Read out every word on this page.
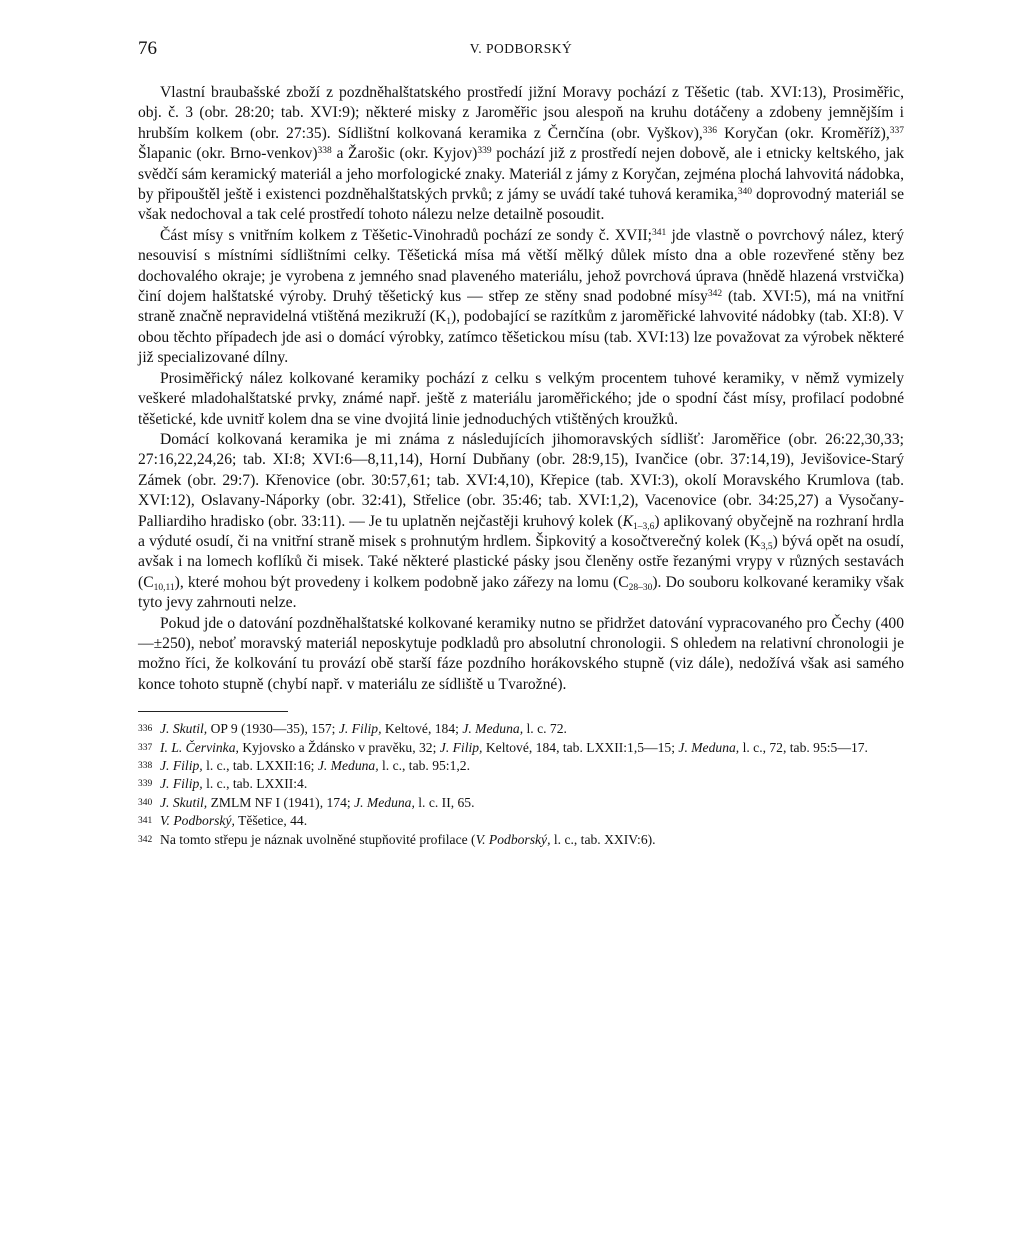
76	V. PODBORSKÝ

Vlastní braubašské zboží z pozdněhalštatského prostředí jižní Moravy pochází z Těšetic (tab. XVI:13), Prosiměřic, obj. č. 3 (obr. 28:20; tab. XVI:9); některé misky z Jaroměřic jsou alespoň na kruhu dotáčeny a zdobeny jemnějším i hrubším kolkem (obr. 27:35). Sídlištní kolkovaná keramika z Černčína (obr. Vyškov),$^{336}$ Koryčan (okr. Kroměříž),$^{337}$ Šlapanic (okr. Brno-venkov)$^{338}$ a Žarošic (okr. Kyjov)$^{339}$ pochází již z prostředí nejen dobově, ale i etnicky keltského, jak svědčí sám keramický materiál a jeho morfologické znaky. Materiál z jámy z Koryčan, zejména plochá lahvovitá nádobka, by připouštěl ještě i existenci pozdněhalštatských prvků; z jámy se uvádí také tuhová keramika,$^{340}$ doprovodný materiál se však nedochoval a tak celé prostředí tohoto nálezu nelze detailně posoudit.

Část mísy s vnitřním kolkem z Těšetic-Vinohradů pochází ze sondy č. XVII;$^{341}$ jde vlastně o povrchový nález, který nesouvisí s místními sídlištními celky. Těšetická mísa má větší mělký důlek místo dna a oble rozevřené stěny bez dochovalého okraje; je vyrobena z jemného snad plaveného materiálu, jehož povrchová úprava (hnědě hlazená vrstvička) činí dojem halštatské výroby. Druhý těšetický kus — střep ze stěny snad podobné mísy$^{342}$ (tab. XVI:5), má na vnitřní straně značně nepravidelná vtištěná mezikruží $(K_1)$, podobající se razítkům z jaroměřické lahvovité nádobky (tab. XI:8). V obou těchto případech jde asi o domácí výrobky, zatímco těšetickou mísu (tab. XVI:13) lze považovat za výrobek některé již specializované dílny.

Prosiměřický nález kolkované keramiky pochází z celku s velkým procentem tuhové keramiky, v němž vymizely veškeré mladohalštatské prvky, známé např. ještě z materiálu jaroměřického; jde o spodní část mísy, profilací podobné těšetické, kde uvnitř kolem dna se vine dvojitá linie jednoduchých vtištěných kroužků.

Domácí kolkovaná keramika je mi známa z následujících jihomoravských sídlišť: Jaroměřice (obr. 26:22,30,33; 27:16,22,24,26; tab. XI:8; XVI:6—8,11,14), Horní Dubňany (obr. 28:9,15), Ivančice (obr. 37:14,19), Jevišovice-Starý Zámek (obr. 29:7). Křenovice (obr. 30:57,61; tab. XVI:4,10), Křepice (tab. XVI:3), okolí Moravského Krumlova (tab. XVI:12), Oslavany-Náporky (obr. 32:41), Střelice (obr. 35:46; tab. XVI:1,2), Vacenovice (obr. 34:25,27) a Vysočany-Palliardiho hradisko (obr. 33:11). — Je tu uplatněn nejčastěji kruhový kolek $(K_{1-3,6})$ aplikovaný obyčejně na rozhraní hrdla a výduté osudí, či na vnitřní straně misek s prohnutým hrdlem. Šipkovitý a kosočtverečný kolek $(K_{3,5})$ bývá opět na osudí, avšak i na lomech koflíků či misek. Také některé plastické pásky jsou členěny ostře řezanými vrypy v různých sestavách $(C_{10,11})$, které mohou být provedeny i kolkem podobně jako zářezy na lomu $(C_{28-30})$. Do souboru kolkované keramiky však tyto jevy zahrnouti nelze.

Pokud jde o datování pozdněhalštatské kolkované keramiky nutno se přidržet datování vypracovaného pro Čechy (400—±250), neboť moravský materiál neposkytuje podkladů pro absolutní chronologii. S ohledem na relativní chronologii je možno říci, že kolkování tu provází obě starší fáze pozdního horákovského stupně (viz dále), nedožívá však asi samého konce tohoto stupně (chybí např. v materiálu ze sídliště u Tvarožné).

336 J. Skutil, OP 9 (1930—35), 157; J. Filip, Keltové, 184; J. Meduna, l. c. 72.
337 I. L. Červinka, Kyjovsko a Ždánsko v pravěku, 32; J. Filip, Keltové, 184, tab. LXXII:1,5—15; J. Meduna, l. c., 72, tab. 95:5—17.
338 J. Filip, l. c., tab. LXXII:16; J. Meduna, l. c., tab. 95:1,2.
339 J. Filip, l. c., tab. LXXII:4.
340 J. Skutil, ZMLM NF I (1941), 174; J. Meduna, l. c. II, 65.
341 V. Podborský, Těšetice, 44.
342 Na tomto střepu je náznak uvolněné stupňovité profilace (V. Podborský, l. c., tab. XXIV:6).
